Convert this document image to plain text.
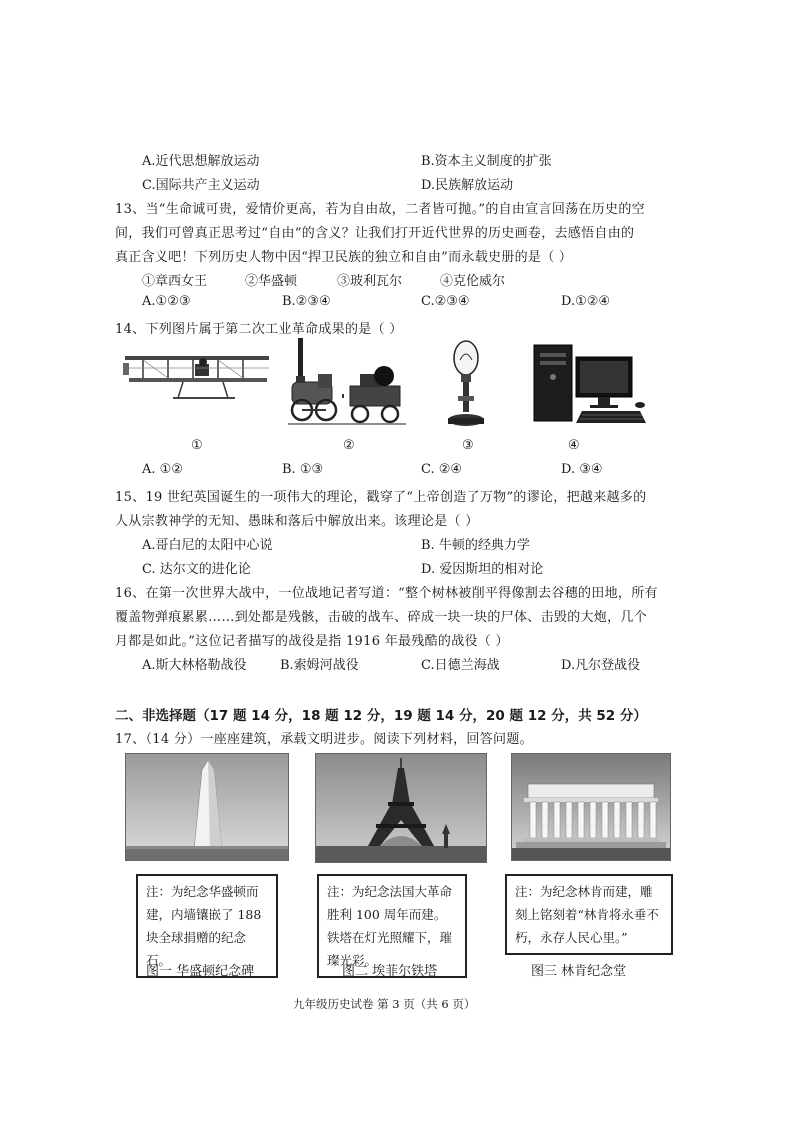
A.近代思想解放运动	B.资本主义制度的扩张
C.国际共产主义运动	D.民族解放运动
13、当“生命诚可贵，爱情价更高，若为自由故，二者皆可抛。”的自由宣言回荡在历史的空
间，我们可曾真正思考过“自由”的含义？让我们打开近代世界的历史画卷，去感悟自由的
真正含义吧！下列历史人物中因“捍卫民族的独立和自由”而永载史册的是（ ）
①章西女王	②华盛顿	③玻利瓦尔	④克伦威尔
A.①②③	B.②③④	C.②③④	D.①②④
14、下列图片属于第二次工业革命成果的是（ ）
①	②	③	④
A. ①②	B. ①③	C. ②④	D. ③④
15、19 世纪英国诞生的一项伟大的理论，戳穿了“上帝创造了万物”的谬论，把越来越多的
人从宗教神学的无知、愚昧和落后中解放出来。该理论是（ ）
A.哥白尼的太阳中心说	B. 牛顿的经典力学
C. 达尔文的进化论	D. 爱因斯坦的相对论
16、在第一次世界大战中，一位战地记者写道：“整个树林被削平得像割去谷穗的田地，所有
覆盖物弹痕累累……到处都是残骸，击破的战车、碎成一块一块的尸体、击毁的大炮，几个
月都是如此。”这位记者描写的战役是指 1916 年最残酷的战役（ ）
A.斯大林格勒战役	B.索姆河战役	C.日德兰海战	D.凡尔登战役
二、非选择题（17 题 14 分，18 题 12 分，19 题 14 分，20 题 12 分，共 52 分）
17、（14 分）一座座建筑，承载文明进步。阅读下列材料，回答问题。
注：为纪念华盛顿而建，内墙镶嵌了 188 块全球捐赠的纪念石。
注：为纪念法国大革命胜利 100 周年而建。铁塔在灯光照耀下，璀璨光彩。
注：为纪念林肯而建，雕刻上铭刻着“林肯将永垂不朽，永存人民心里。”
图一 华盛顿纪念碑	图二 埃菲尔铁塔	图三 林肯纪念堂
九年级历史试卷 第 3 页（共 6 页）
